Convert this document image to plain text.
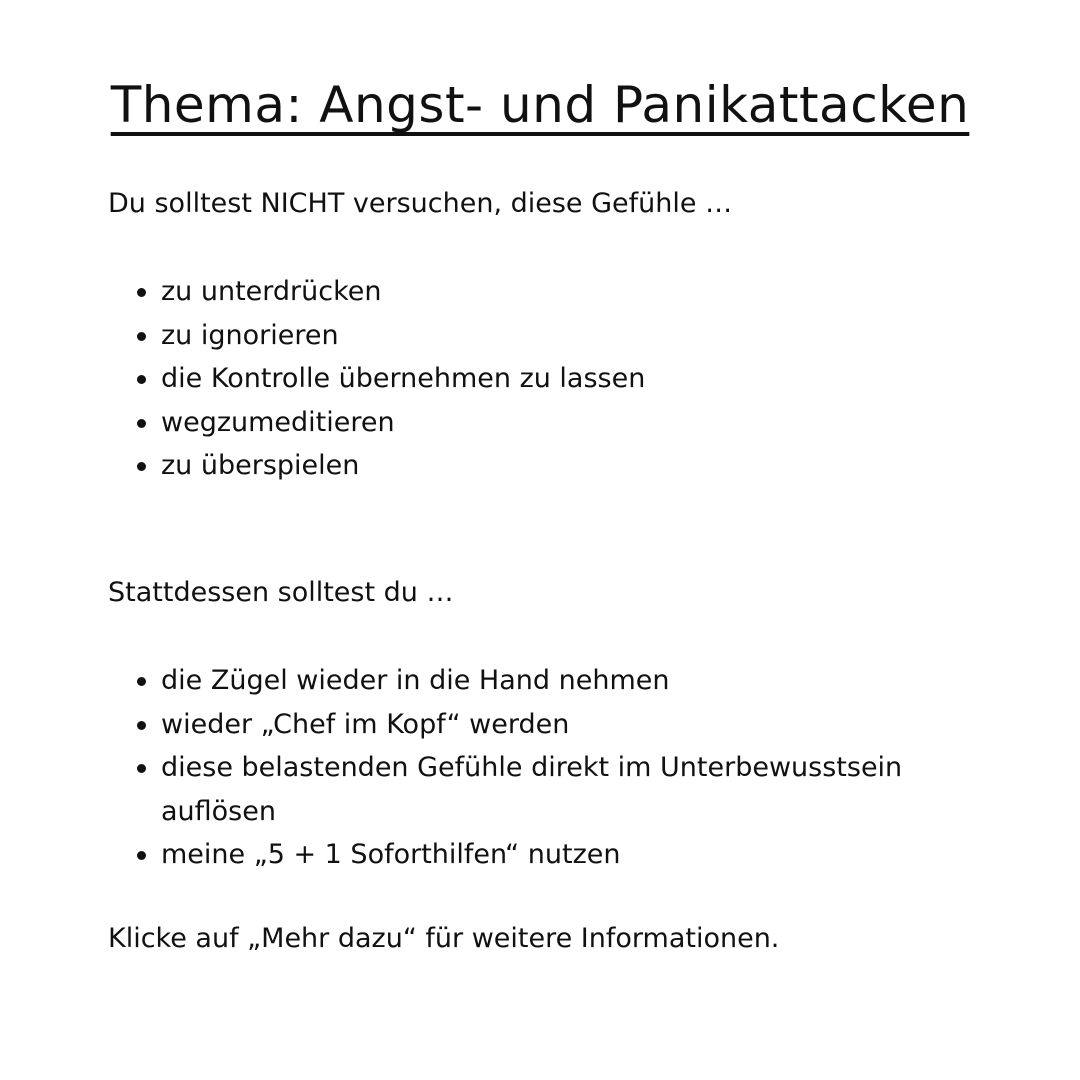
Thema: Angst- und Panikattacken

Du solltest NICHT versuchen, diese Gefühle …

zu unterdrücken
zu ignorieren
die Kontrolle übernehmen zu lassen
wegzumeditieren
zu überspielen

Stattdessen solltest du …

die Zügel wieder in die Hand nehmen
wieder „Chef im Kopf“ werden
diese belastenden Gefühle direkt im Unterbewusstsein auflösen
meine „5 + 1 Soforthilfen“ nutzen

Klicke auf „Mehr dazu“ für weitere Informationen.
